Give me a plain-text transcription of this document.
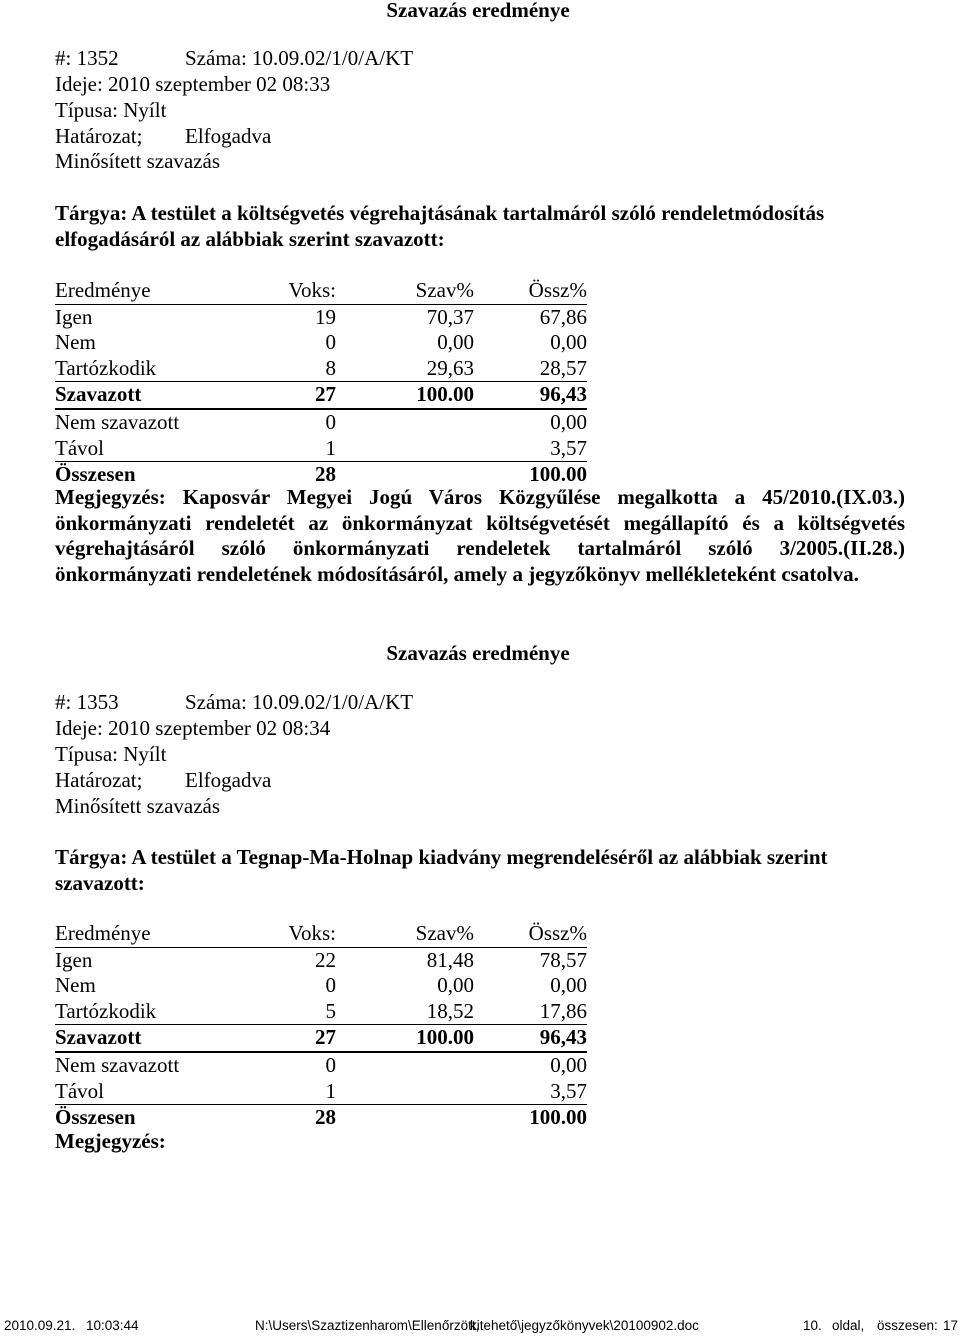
Szavazás eredménye
#: 1352	Száma: 10.09.02/1/0/A/KT
Ideje: 2010 szeptember 02 08:33
Típusa: Nyílt
Határozat; Elfogadva
Minősített szavazás
Tárgya: A testület a költségvetés végrehajtásának tartalmáról szóló rendeletmódosítás elfogadásáról az alábbiak szerint szavazott:
Eredménye	Voks:	Szav%	Össz%
Igen	19	70,37	67,86
Nem	0	0,00	0,00
Tartózkodik	8	29,63	28,57
Szavazott	27	100.00	96,43
Nem szavazott	0		0,00
Távol	1		3,57
Összesen	28		100.00
Megjegyzés: Kaposvár Megyei Jogú Város Közgyűlése megalkotta a 45/2010.(IX.03.) önkormányzati rendeletét az önkormányzat költségvetését megállapító és a költségvetés végrehajtásáról szóló önkormányzati rendeletek tartalmáról szóló 3/2005.(II.28.) önkormányzati rendeletének módosításáról, amely a jegyzőkönyv mellékleteként csatolva.
Szavazás eredménye
#: 1353	Száma: 10.09.02/1/0/A/KT
Ideje: 2010 szeptember 02 08:34
Típusa: Nyílt
Határozat; Elfogadva
Minősített szavazás
Tárgya: A testület a Tegnap-Ma-Holnap kiadvány megrendeléséről az alábbiak szerint szavazott:
Eredménye	Voks:	Szav%	Össz%
Igen	22	81,48	78,57
Nem	0	0,00	0,00
Tartózkodik	5	18,52	17,86
Szavazott	27	100.00	96,43
Nem szavazott	0		0,00
Távol	1		3,57
Összesen	28		100.00
Megjegyzés:
2010.09.21. 10:03:44	N:\Users\Szaztizenharom\Ellenőrzött,
kitehető\jegyzőkönyvek\20100902.doc	10. oldal, összesen: 17
